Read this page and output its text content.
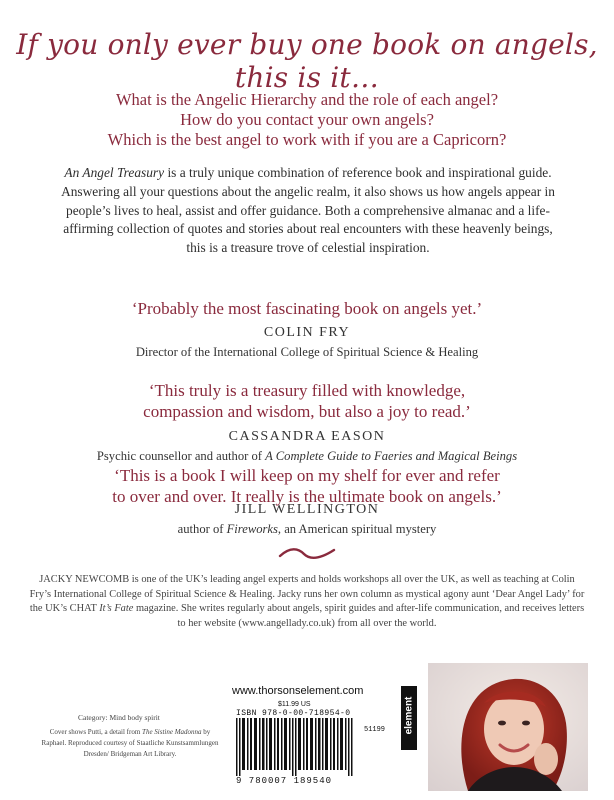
If you only ever buy one book on angels, this is it…
What is the Angelic Hierarchy and the role of each angel?
How do you contact your own angels?
Which is the best angel to work with if you are a Capricorn?
An Angel Treasury is a truly unique combination of reference book and inspirational guide. Answering all your questions about the angelic realm, it also shows us how angels appear in people’s lives to heal, assist and offer guidance. Both a comprehensive almanac and a life-affirming collection of quotes and stories about real encounters with these heavenly beings, this is a treasure trove of celestial inspiration.
‘Probably the most fascinating book on angels yet.’
COLIN FRY
Director of the International College of Spiritual Science & Healing
‘This truly is a treasury filled with knowledge,
compassion and wisdom, but also a joy to read.’
CASSANDRA EASON
Psychic counsellor and author of A Complete Guide to Faeries and Magical Beings
‘This is a book I will keep on my shelf for ever and refer
to over and over. It really is the ultimate book on angels.’
JILL WELLINGTON
author of Fireworks, an American spiritual mystery
JACKY NEWCOMB is one of the UK’s leading angel experts and holds workshops all over the UK, as well as teaching at Colin Fry’s International College of Spiritual Science & Healing. Jacky runs her own column as mystical agony aunt ‘Dear Angel Lady’ for the UK’s CHAT It’s Fate magazine. She writes regularly about angels, spirit guides and after-life communication, and receives letters to her website (www.angellady.co.uk) from all over the world.
www.thorsonselement.com
$11.99 US
ISBN 978-0-00-718954-0
51199
9 780007 189540
element
Category: Mind body spirit
Cover shows Putti, a detail from The Sistine Madonna by Raphael. Reproduced courtesy of Staatliche Kunstsammlungen Dresden/ Bridgeman Art Library.
